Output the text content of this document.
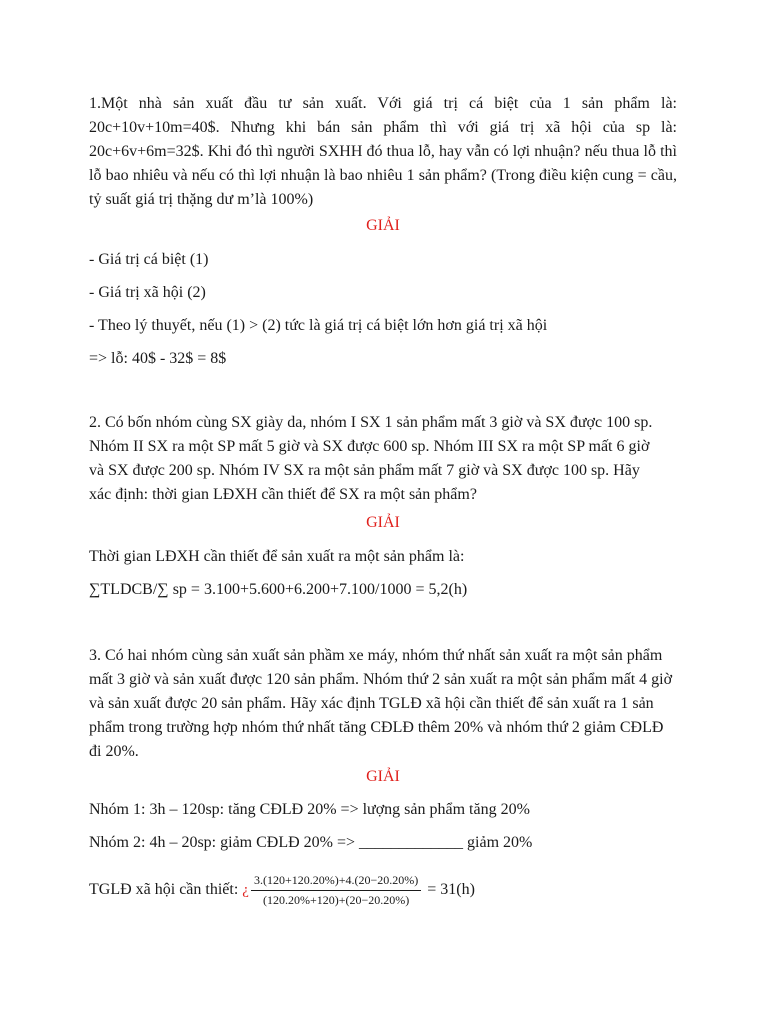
1.Một nhà sản xuất đầu tư sản xuất. Với giá trị cá biệt của 1 sản phẩm là: 20c+10v+10m=40$. Nhưng khi bán sản phẩm thì với giá trị xã hội của sp là: 20c+6v+6m=32$. Khi đó thì người SXHH đó thua lỗ, hay vẫn có lợi nhuận? nếu thua lỗ thì lỗ bao nhiêu và nếu có thì lợi nhuận là bao nhiêu 1 sản phẩm? (Trong điều kiện cung = cầu, tỷ suất giá trị thặng dư m’là 100%)

GIẢI

- Giá trị cá biệt (1)

- Giá trị xã hội (2)

- Theo lý thuyết, nếu (1) > (2) tức là giá trị cá biệt lớn hơn giá trị xã hội

=> lỗ: 40$ - 32$ = 8$

2. Có bốn nhóm cùng SX giày da, nhóm I SX 1 sản phẩm mất 3 giờ và SX được 100 sp. Nhóm II SX ra một SP mất 5 giờ và SX được 600 sp. Nhóm III SX ra một SP mất 6 giờ và SX được 200 sp. Nhóm IV SX ra một sản phẩm mất 7 giờ và SX được 100 sp. Hãy xác định: thời gian LĐXH cần thiết để SX ra một sản phẩm?

GIẢI

Thời gian LĐXH cần thiết để sản xuất ra một sản phẩm là:

∑TLDCB/∑ sp = 3.100+5.600+6.200+7.100/1000 = 5,2(h)

3. Có hai nhóm cùng sản xuất sản phầm xe máy, nhóm thứ nhất sản xuất ra một sản phẩm mất 3 giờ và sản xuất được 120 sản phẩm. Nhóm thứ 2 sản xuất ra một sản phẩm mất 4 giờ và sản xuất được 20 sản phẩm. Hãy xác định TGLĐ xã hội cần thiết để sản xuất ra 1 sản phẩm trong trường hợp nhóm thứ nhất tăng CĐLĐ thêm 20% và nhóm thứ 2 giảm CĐLĐ đi 20%.

GIẢI

Nhóm 1: 3h – 120sp: tăng CĐLĐ 20% => lượng sản phẩm tăng 20%

Nhóm 2: 4h – 20sp: giảm CĐLĐ 20% => _____________ giảm 20%

TGLĐ xã hội cần thiết: ¿ $\frac{3.(120+120.20\%)+4.(20-20.20\%)}{(120.20\%+120)+(20-20.20\%)} = 31(h)$
